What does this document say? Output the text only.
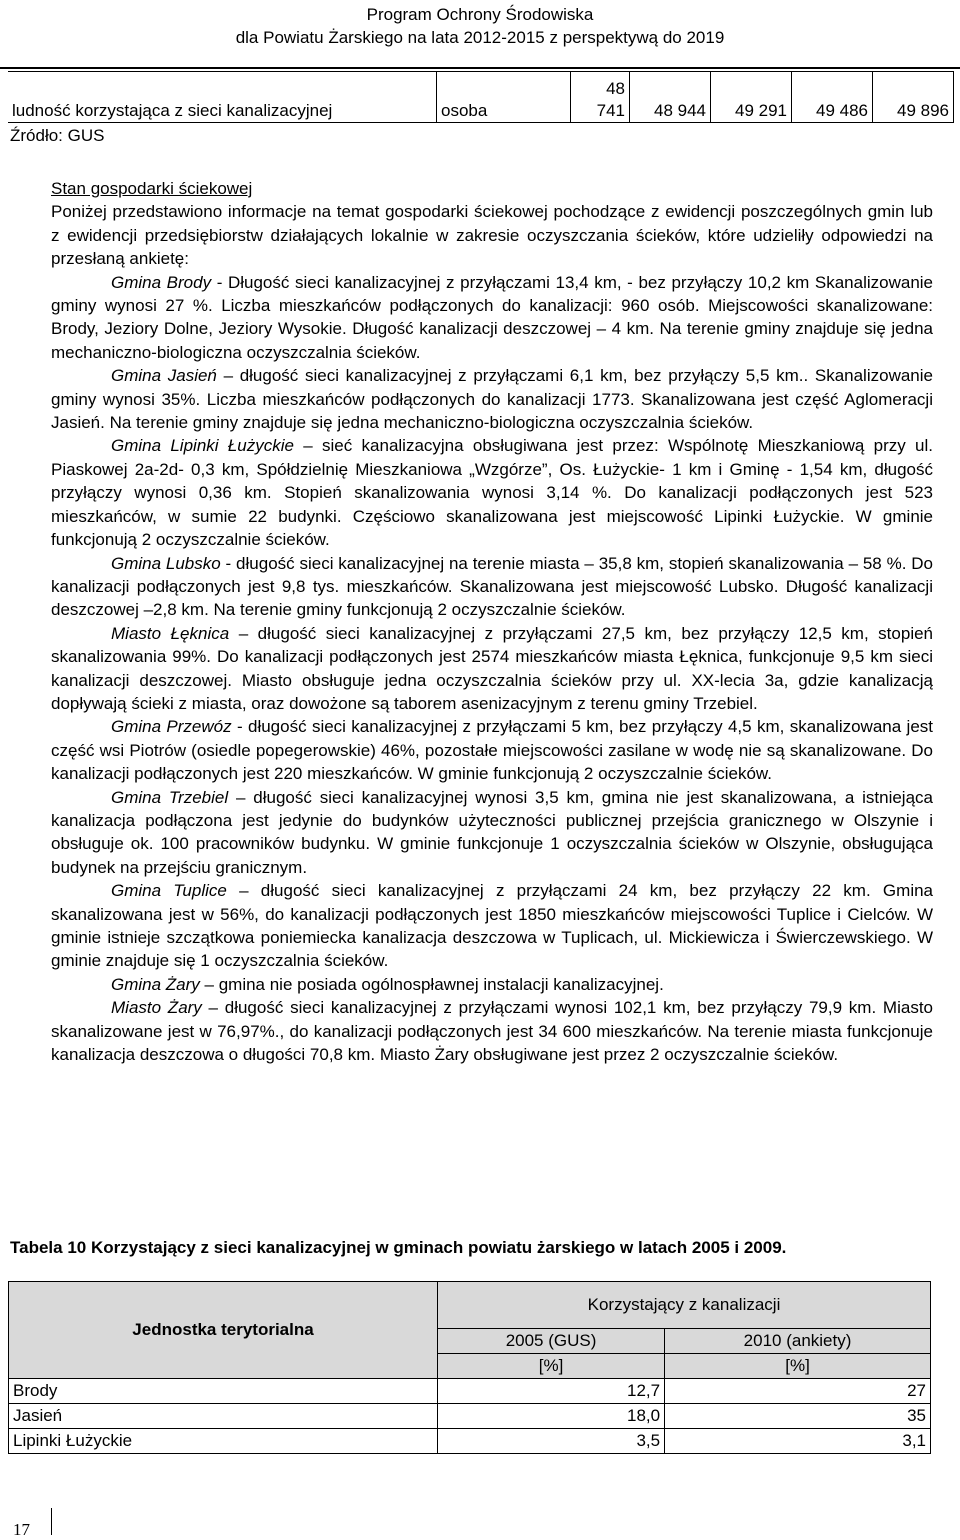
Program Ochrony Środowiska
dla Powiatu Żarskiego na lata 2012-2015 z perspektywą do 2019
ludność korzystająca z sieci kanalizacyjnej	osoba	48 741	48 944	49 291	49 486	49 896
Źródło: GUS

Stan gospodarki ściekowej

Poniżej przedstawiono informacje na temat gospodarki ściekowej pochodzące z ewidencji poszczególnych gmin lub z ewidencji przedsiębiorstw działających lokalnie w zakresie oczyszczania ścieków, które udzieliły odpowiedzi na przesłaną ankietę:

Gmina Brody - Długość sieci kanalizacyjnej z przyłączami 13,4 km, - bez przyłączy 10,2 km Skanalizowanie gminy wynosi 27 %. Liczba mieszkańców podłączonych do kanalizacji: 960 osób. Miejscowości skanalizowane: Brody, Jeziory Dolne, Jeziory Wysokie. Długość kanalizacji deszczowej – 4 km. Na terenie gminy znajduje się jedna mechaniczno-biologiczna oczyszczalnia ścieków.

Gmina Jasień – długość sieci kanalizacyjnej z przyłączami 6,1 km, bez przyłączy 5,5 km.. Skanalizowanie gminy wynosi 35%. Liczba mieszkańców podłączonych do kanalizacji 1773. Skanalizowana jest część Aglomeracji Jasień. Na terenie gminy znajduje się jedna mechaniczno-biologiczna oczyszczalnia ścieków.

Gmina Lipinki Łużyckie – sieć kanalizacyjna obsługiwana jest przez: Wspólnotę Mieszkaniową przy ul. Piaskowej 2a-2d- 0,3 km, Spółdzielnię Mieszkaniowa „Wzgórze”, Os. Łużyckie- 1 km i Gminę - 1,54 km, długość przyłączy wynosi 0,36 km. Stopień skanalizowania wynosi 3,14 %. Do kanalizacji podłączonych jest 523 mieszkańców, w sumie 22 budynki. Częściowo skanalizowana jest miejscowość Lipinki Łużyckie. W gminie funkcjonują 2 oczyszczalnie ścieków.

Gmina Lubsko - długość sieci kanalizacyjnej na terenie miasta – 35,8 km, stopień skanalizowania – 58 %. Do kanalizacji podłączonych jest 9,8 tys. mieszkańców. Skanalizowana jest miejscowość Lubsko. Długość kanalizacji deszczowej –2,8 km. Na terenie gminy funkcjonują 2 oczyszczalnie ścieków.

Miasto Łęknica – długość sieci kanalizacyjnej z przyłączami 27,5 km, bez przyłączy 12,5 km, stopień skanalizowania 99%. Do kanalizacji podłączonych jest 2574 mieszkańców miasta Łęknica, funkcjonuje 9,5 km sieci kanalizacji deszczowej. Miasto obsługuje jedna oczyszczalnia ścieków przy ul. XX-lecia 3a, gdzie kanalizacją dopływają ścieki z miasta, oraz dowożone są taborem asenizacyjnym z terenu gminy Trzebiel.

Gmina Przewóz - długość sieci kanalizacyjnej z przyłączami 5 km, bez przyłączy 4,5 km, skanalizowana jest część wsi Piotrów (osiedle popegerowskie) 46%, pozostałe miejscowości zasilane w wodę nie są skanalizowane. Do kanalizacji podłączonych jest 220 mieszkańców. W gminie funkcjonują 2 oczyszczalnie ścieków.

Gmina Trzebiel – długość sieci kanalizacyjnej wynosi 3,5 km, gmina nie jest skanalizowana, a istniejąca kanalizacja podłączona jest jedynie do budynków użyteczności publicznej przejścia granicznego w Olszynie i obsługuje ok. 100 pracowników budynku. W gminie funkcjonuje 1 oczyszczalnia ścieków w Olszynie, obsługująca budynek na przejściu granicznym.

Gmina Tuplice – długość sieci kanalizacyjnej z przyłączami 24 km, bez przyłączy 22 km. Gmina skanalizowana jest w 56%, do kanalizacji podłączonych jest 1850 mieszkańców miejscowości Tuplice i Cielców. W gminie istnieje szczątkowa poniemiecka kanalizacja deszczowa w Tuplicach, ul. Mickiewicza i Świerczewskiego. W gminie znajduje się 1 oczyszczalnia ścieków.

Gmina Żary – gmina nie posiada ogólnospławnej instalacji kanalizacyjnej.

Miasto Żary – długość sieci kanalizacyjnej z przyłączami wynosi 102,1 km, bez przyłączy 79,9 km. Miasto skanalizowane jest w 76,97%., do kanalizacji podłączonych jest 34 600 mieszkańców. Na terenie miasta funkcjonuje kanalizacja deszczowa o długości 70,8 km. Miasto Żary obsługiwane jest przez 2 oczyszczalnie ścieków.

Tabela 10 Korzystający z sieci kanalizacyjnej w gminach powiatu żarskiego w latach 2005 i 2009.
Jednostka terytorialna	Korzystający z kanalizacji	
	2005 (GUS)	2010 (ankiety)
	[%]	[%]
Brody	12,7	27
Jasień	18,0	35
Lipinki Łużyckie	3,5	3,1
17
